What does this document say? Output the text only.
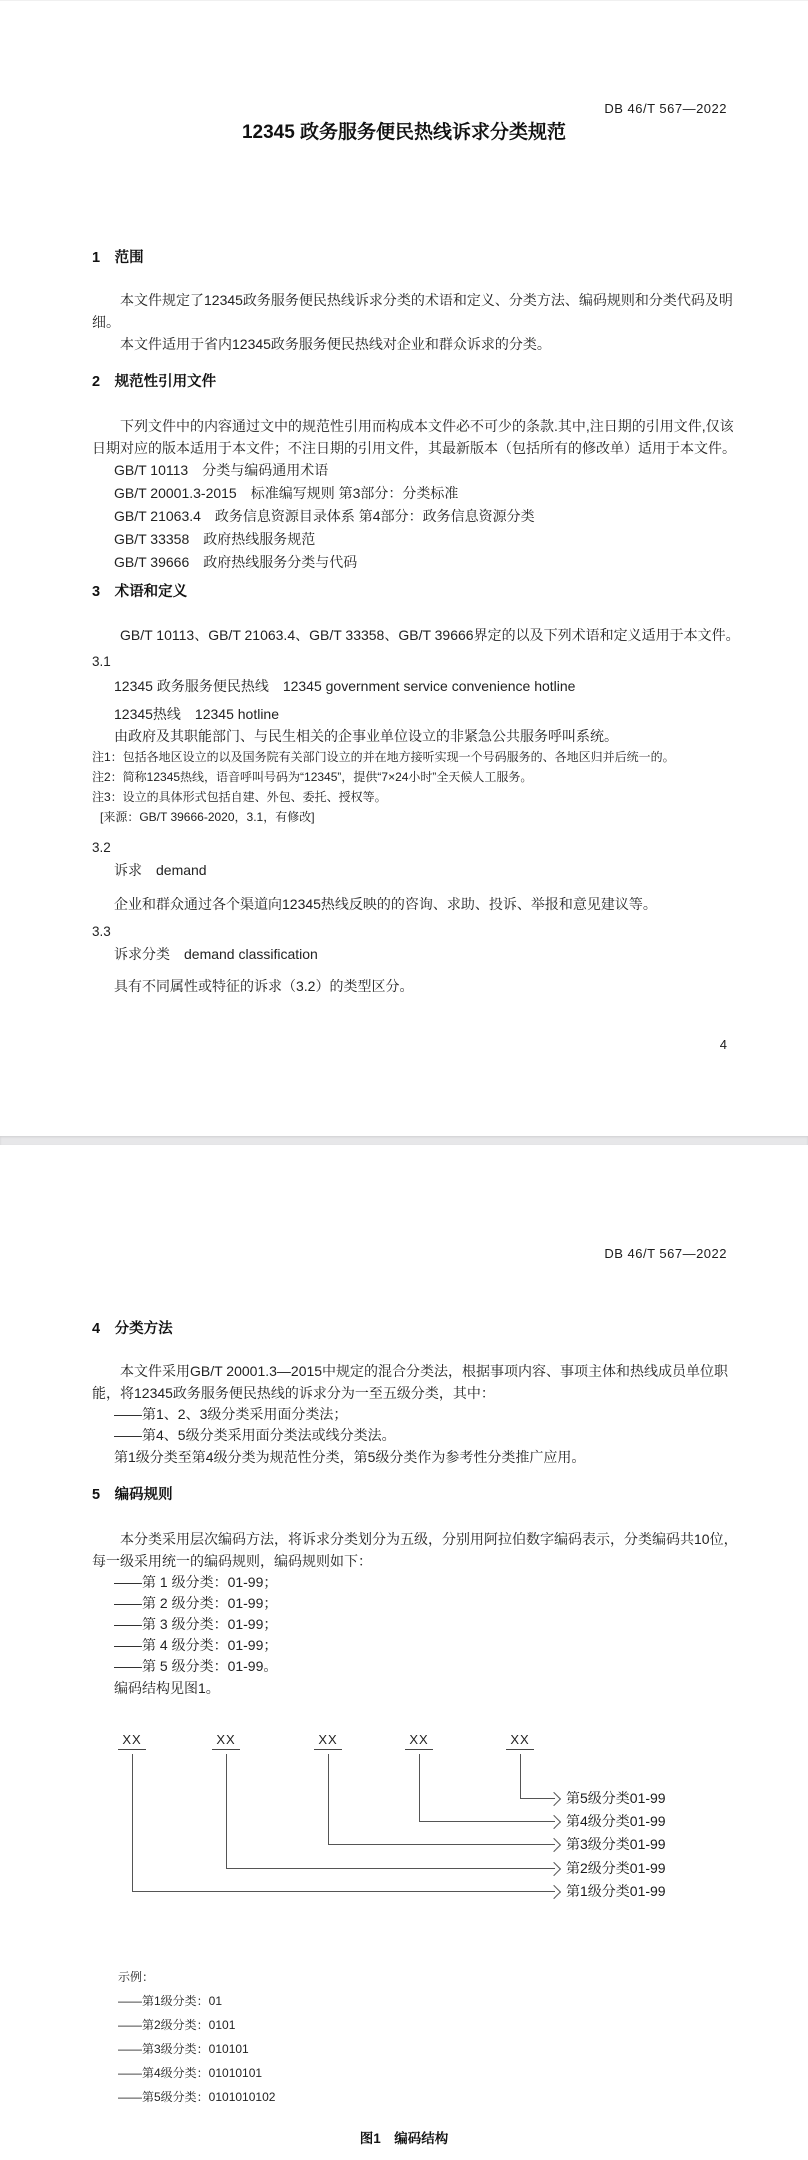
DB 46/T 567—2022
12345 政务服务便民热线诉求分类规范
1　范围
本文件规定了12345政务服务便民热线诉求分类的术语和定义、分类方法、编码规则和分类代码及明细。
本文件适用于省内12345政务服务便民热线对企业和群众诉求的分类。
2　规范性引用文件
下列文件中的内容通过文中的规范性引用而构成本文件必不可少的条款.其中,注日期的引用文件,仅该日期对应的版本适用于本文件；不注日期的引用文件，其最新版本（包括所有的修改单）适用于本文件。
GB/T 10113　分类与编码通用术语
GB/T 20001.3-2015　标准编写规则 第3部分：分类标准
GB/T 21063.4　政务信息资源目录体系 第4部分：政务信息资源分类
GB/T 33358　政府热线服务规范
GB/T 39666　政府热线服务分类与代码
3　术语和定义
GB/T 10113、GB/T 21063.4、GB/T 33358、GB/T 39666界定的以及下列术语和定义适用于本文件。
3.1
12345 政务服务便民热线　12345 government service convenience hotline
12345热线　12345 hotline
由政府及其职能部门、与民生相关的企事业单位设立的非紧急公共服务呼叫系统。
注1：包括各地区设立的以及国务院有关部门设立的并在地方接听实现一个号码服务的、各地区归并后统一的。
注2：简称12345热线，语音呼叫号码为“12345”，提供“7×24小时”全天候人工服务。
注3：设立的具体形式包括自建、外包、委托、授权等。
[来源：GB/T 39666-2020，3.1，有修改]
3.2
诉求　demand
企业和群众通过各个渠道向12345热线反映的的咨询、求助、投诉、举报和意见建议等。
3.3
诉求分类　demand classification
具有不同属性或特征的诉求（3.2）的类型区分。
4
DB 46/T 567—2022
4　分类方法
本文件采用GB/T 20001.3—2015中规定的混合分类法，根据事项内容、事项主体和热线成员单位职能，将12345政务服务便民热线的诉求分为一至五级分类，其中：
——第1、2、3级分类采用面分类法；
——第4、5级分类采用面分类法或线分类法。
第1级分类至第4级分类为规范性分类，第5级分类作为参考性分类推广应用。
5　编码规则
本分类采用层次编码方法，将诉求分类划分为五级，分别用阿拉伯数字编码表示，分类编码共10位，每一级采用统一的编码规则，编码规则如下：
——第 1 级分类：01-99；
——第 2 级分类：01-99；
——第 3 级分类：01-99；
——第 4 级分类：01-99；
——第 5 级分类：01-99。
编码结构见图1。
XX	XX	XX	XX	XX
第5级分类01-99
第4级分类01-99
第3级分类01-99
第2级分类01-99
第1级分类01-99
示例：
——第1级分类：01
——第2级分类：0101
——第3级分类：010101
——第4级分类：01010101
——第5级分类：0101010102
图1　编码结构
